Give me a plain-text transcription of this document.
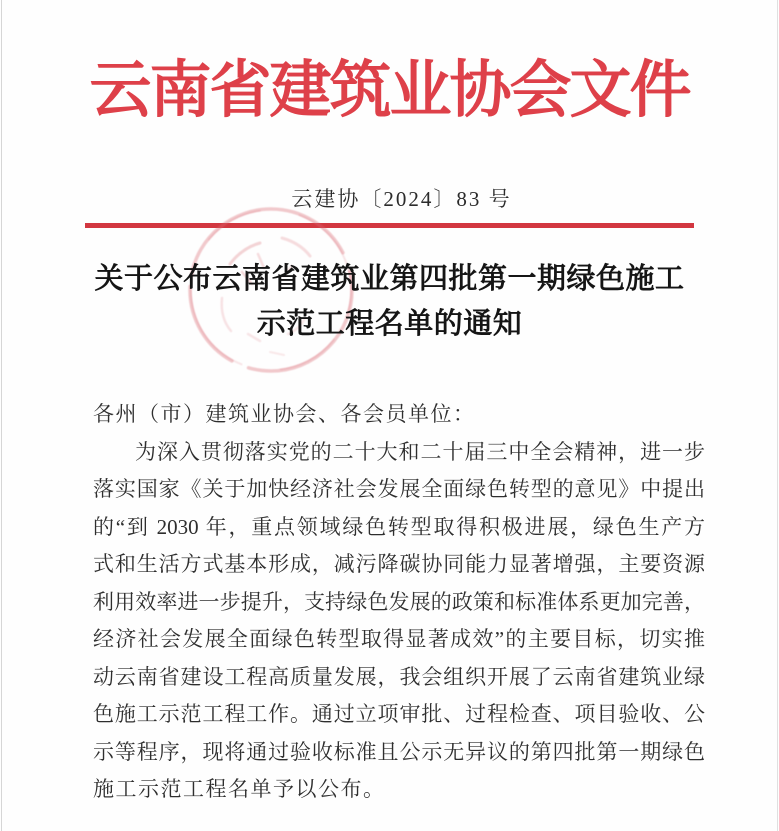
云南省建筑业协会文件
云建协〔2024〕83 号
关于公布云南省建筑业第四批第一期绿色施工
示范工程名单的通知
各州（市）建筑业协会、各会员单位：
为深入贯彻落实党的二十大和二十届三中全会精神，进一步
落实国家《关于加快经济社会发展全面绿色转型的意见》中提出
的“到 2030 年，重点领域绿色转型取得积极进展，绿色生产方
式和生活方式基本形成，减污降碳协同能力显著增强，主要资源
利用效率进一步提升，支持绿色发展的政策和标准体系更加完善，
经济社会发展全面绿色转型取得显著成效”的主要目标，切实推
动云南省建设工程高质量发展，我会组织开展了云南省建筑业绿
色施工示范工程工作。通过立项审批、过程检查、项目验收、公
示等程序，现将通过验收标准且公示无异议的第四批第一期绿色
施工示范工程名单予以公布。
